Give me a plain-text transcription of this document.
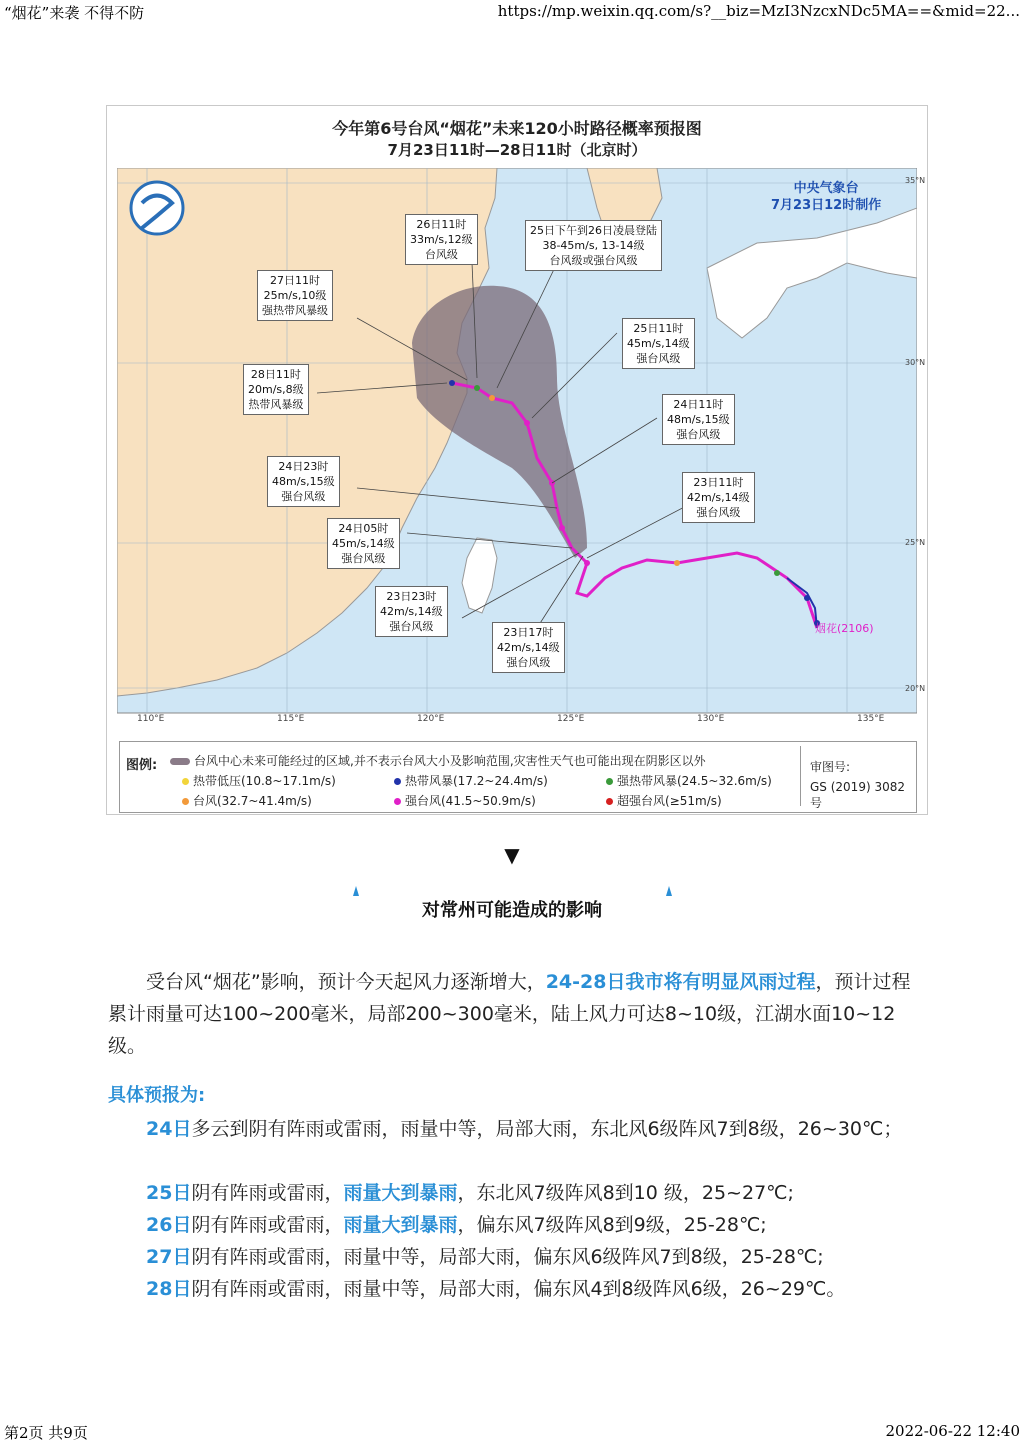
“烟花”来袭 不得不防	https://mp.weixin.qq.com/s?__biz=MzI3NzcxNDc5MA==&mid=22...
今年第6号台风“烟花”未来120小时路径概率预报图
7月23日11时—28日11时（北京时）
中央气象台
7月23日12时制作
烟花(2106)
26日11时
33m/s,12级
台风级
25日下午到26日凌晨登陆
38-45m/s, 13-14级
台风级或强台风级
27日11时
25m/s,10级
强热带风暴级
25日11时
45m/s,14级
强台风级
28日11时
20m/s,8级
热带风暴级	24日11时
48m/s,15级
强台风级
24日23时
48m/s,15级
强台风级
23日11时
42m/s,14级
强台风级
24日05时
45m/s,14级
强台风级
23日23时
42m/s,14级
强台风级	23日17时
42m/s,14级
强台风级
110°E	115°E	120°E	125°E	130°E	135°E
35°N
30°N
25°N
20°N
图例:	台风中心未来可能经过的区域,并不表示台风大小及影响范围,灾害性天气也可能出现在阴影区以外
热带低压(10.8~17.1m/s)	热带风暴(17.2~24.4m/s)	强热带风暴(24.5~32.6m/s)
台风(32.7~41.4m/s)	强台风(41.5~50.9m/s)	超强台风(≥51m/s)
审图号:
GS (2019) 3082号
▼
对常州可能造成的影响
受台风“烟花”影响，预计今天起风力逐渐增大，24-28日我市将有明显风雨过程，预计过程累计雨量可达100~200毫米，局部200~300毫米，陆上风力可达8~10级，江湖水面10~12级。
具体预报为:
24日多云到阴有阵雨或雷雨，雨量中等，局部大雨，东北风6级阵风7到8级，26~30℃；
25日阴有阵雨或雷雨，雨量大到暴雨，东北风7级阵风8到10 级，25~27℃;
26日阴有阵雨或雷雨，雨量大到暴雨，偏东风7级阵风8到9级，25-28℃;
27日阴有阵雨或雷雨，雨量中等，局部大雨，偏东风6级阵风7到8级，25-28℃;
28日阴有阵雨或雷雨，雨量中等，局部大雨，偏东风4到8级阵风6级，26~29℃。
第2页 共9页	2022-06-22 12:40
